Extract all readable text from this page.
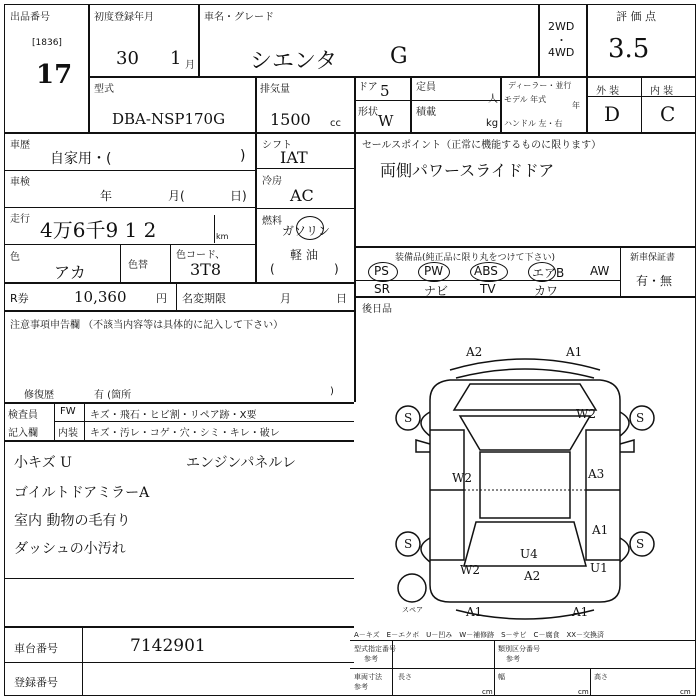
出品番号
[1836]
17
初度登録年月
30 1 月
車名・グレード
シエンタ G
2WD
・
4WD
評 価 点
3.5
型式
DBA-NSP170G
排気量
1500 cc
ドア 5
形状 W
定員
人
積載
kg
ディーラー・並行
モデル 年式
年
ハンドル 左・右
外 装	内 装
D C
車歴
自家用・(	)
シフト
IAT
車検
年	月(	日)
冷房
AC
走行 4万6千9 1 2	km
燃料
ガソリン
軽 油
(	)
色
アカ	色替
色コード、
3T8
R券	10,360	円 名変期限	月	日
セールスポイント（正常に機能するものに限ります）
両側パワースライドドア
装備品(純正品に限り丸をつけて下さい)	新車保証書
有・無
PS	PW	ABS	エアB AW
SR	ナビ	TV	カワ
後日品
注意事項申告欄 （不該当内容等は具体的に記入して下さい）
修復歴	有 (箇所	)
検査員
記入欄
FW キズ・飛石・ヒビ割・リペア跡・X要
内装 キズ・汚レ・コゲ・穴・シミ・キレ・破レ
小キズ U	エンジンパネルレ
ゴイルトドアミラーA
室内 動物の毛有り
ダッシュの小汚れ
A2	A1
S	W2	S
W2	A3
S
A1
S
U4
W2	A2
U1
A1	A1
スペア
A－キズ　E－エクボ　U－凹み　W－補修跡　S－サビ　C－腐食　XX－交換済
車台番号	7142901
登録番号
型式指定番号
参考
類別区分番号
参考
車両寸法 参考
長さ
cm
幅
cm
高さ
cm
